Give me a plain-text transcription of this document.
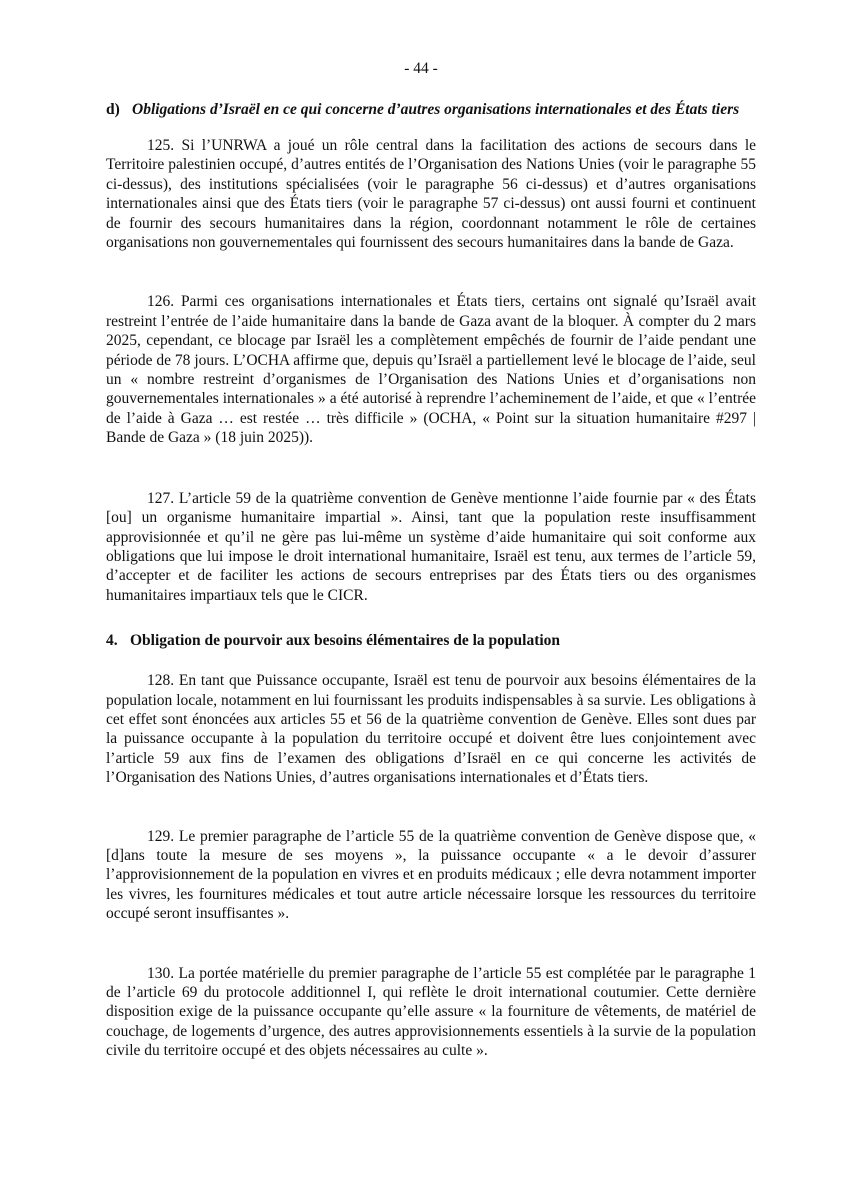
- 44 -
d) Obligations d’Israël en ce qui concerne d’autres organisations internationales et des États tiers

125. Si l’UNRWA a joué un rôle central dans la facilitation des actions de secours dans le Territoire palestinien occupé, d’autres entités de l’Organisation des Nations Unies (voir le paragraphe 55 ci-dessus), des institutions spécialisées (voir le paragraphe 56 ci-dessus) et d’autres organisations internationales ainsi que des États tiers (voir le paragraphe 57 ci-dessus) ont aussi fourni et continuent de fournir des secours humanitaires dans la région, coordonnant notamment le rôle de certaines organisations non gouvernementales qui fournissent des secours humanitaires dans la bande de Gaza.

126. Parmi ces organisations internationales et États tiers, certains ont signalé qu’Israël avait restreint l’entrée de l’aide humanitaire dans la bande de Gaza avant de la bloquer. À compter du 2 mars 2025, cependant, ce blocage par Israël les a complètement empêchés de fournir de l’aide pendant une période de 78 jours. L’OCHA affirme que, depuis qu’Israël a partiellement levé le blocage de l’aide, seul un « nombre restreint d’organismes de l’Organisation des Nations Unies et d’organisations non gouvernementales internationales » a été autorisé à reprendre l’acheminement de l’aide, et que « l’entrée de l’aide à Gaza … est restée … très difficile » (OCHA, « Point sur la situation humanitaire #297 | Bande de Gaza » (18 juin 2025)).

127. L’article 59 de la quatrième convention de Genève mentionne l’aide fournie par « des États [ou] un organisme humanitaire impartial ». Ainsi, tant que la population reste insuffisamment approvisionnée et qu’il ne gère pas lui-même un système d’aide humanitaire qui soit conforme aux obligations que lui impose le droit international humanitaire, Israël est tenu, aux termes de l’article 59, d’accepter et de faciliter les actions de secours entreprises par des États tiers ou des organismes humanitaires impartiaux tels que le CICR.

4. Obligation de pourvoir aux besoins élémentaires de la population

128. En tant que Puissance occupante, Israël est tenu de pourvoir aux besoins élémentaires de la population locale, notamment en lui fournissant les produits indispensables à sa survie. Les obligations à cet effet sont énoncées aux articles 55 et 56 de la quatrième convention de Genève. Elles sont dues par la puissance occupante à la population du territoire occupé et doivent être lues conjointement avec l’article 59 aux fins de l’examen des obligations d’Israël en ce qui concerne les activités de l’Organisation des Nations Unies, d’autres organisations internationales et d’États tiers.

129. Le premier paragraphe de l’article 55 de la quatrième convention de Genève dispose que, « [d]ans toute la mesure de ses moyens », la puissance occupante « a le devoir d’assurer l’approvisionnement de la population en vivres et en produits médicaux ; elle devra notamment importer les vivres, les fournitures médicales et tout autre article nécessaire lorsque les ressources du territoire occupé seront insuffisantes ».

130. La portée matérielle du premier paragraphe de l’article 55 est complétée par le paragraphe 1 de l’article 69 du protocole additionnel I, qui reflète le droit international coutumier. Cette dernière disposition exige de la puissance occupante qu’elle assure « la fourniture de vêtements, de matériel de couchage, de logements d’urgence, des autres approvisionnements essentiels à la survie de la population civile du territoire occupé et des objets nécessaires au culte ».
